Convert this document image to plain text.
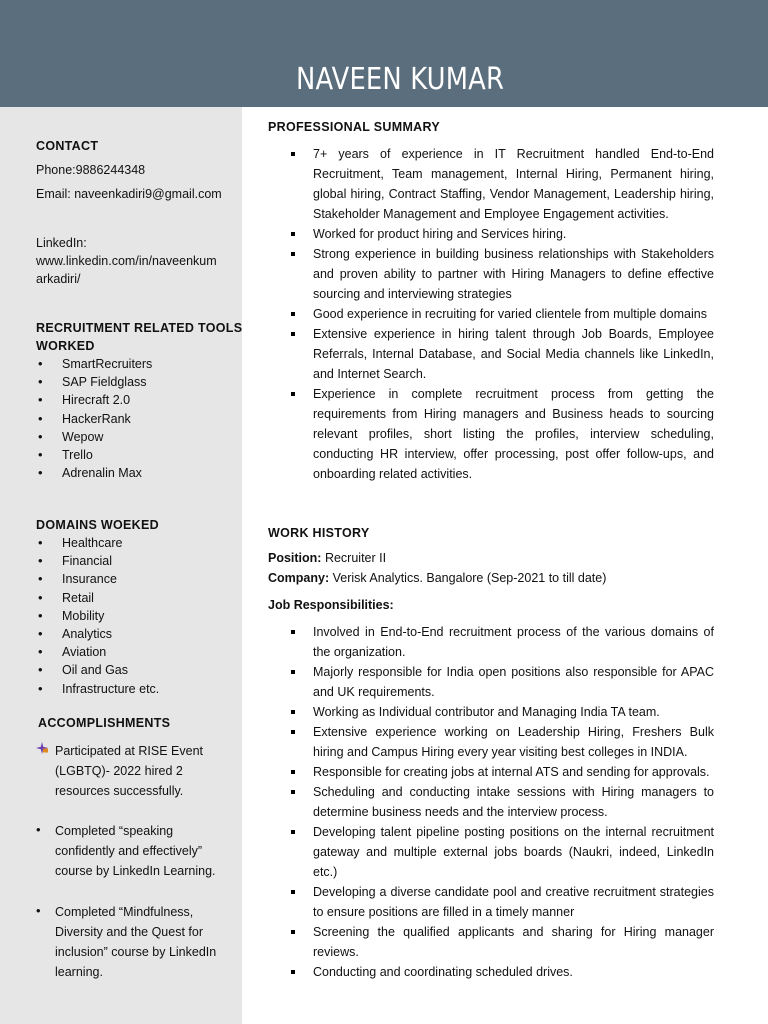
NAVEEN KUMAR
CONTACT
Phone:9886244348
Email: naveenkadiri9@gmail.com
LinkedIn:
www.linkedin.com/in/naveenkum
arkadiri/
RECRUITMENT RELATED TOOLS
WORKED
• SmartRecruiters
• SAP Fieldglass
• Hirecraft 2.0
• HackerRank
• Wepow
• Trello
• Adrenalin Max
DOMAINS WOEKED
• Healthcare
• Financial
• Insurance
• Retail
• Mobility
• Analytics
• Aviation
• Oil and Gas
• Infrastructure etc.
ACCOMPLISHMENTS
Participated at RISE Event (LGBTQ)- 2022 hired 2 resources successfully.
• Completed “speaking confidently and effectively” course by LinkedIn Learning.
• Completed “Mindfulness, Diversity and the Quest for inclusion” course by LinkedIn learning.
PROFESSIONAL SUMMARY
7+ years of experience in IT Recruitment handled End-to-End Recruitment, Team management, Internal Hiring, Permanent hiring, global hiring, Contract Staffing, Vendor Management, Leadership hiring, Stakeholder Management and Employee Engagement activities.
Worked for product hiring and Services hiring.
Strong experience in building business relationships with Stakeholders and proven ability to partner with Hiring Managers to define effective sourcing and interviewing strategies
Good experience in recruiting for varied clientele from multiple domains
Extensive experience in hiring talent through Job Boards, Employee Referrals, Internal Database, and Social Media channels like LinkedIn, and Internet Search.
Experience in complete recruitment process from getting the requirements from Hiring managers and Business heads to sourcing relevant profiles, short listing the profiles, interview scheduling, conducting HR interview, offer processing, post offer follow-ups, and onboarding related activities.
WORK HISTORY
Position: Recruiter II
Company: Verisk Analytics. Bangalore (Sep-2021 to till date)
Job Responsibilities:
Involved in End-to-End recruitment process of the various domains of the organization.
Majorly responsible for India open positions also responsible for APAC and UK requirements.
Working as Individual contributor and Managing India TA team.
Extensive experience working on Leadership Hiring, Freshers Bulk hiring and Campus Hiring every year visiting best colleges in INDIA.
Responsible for creating jobs at internal ATS and sending for approvals.
Scheduling and conducting intake sessions with Hiring managers to determine business needs and the interview process.
Developing talent pipeline posting positions on the internal recruitment gateway and multiple external jobs boards (Naukri, indeed, LinkedIn etc.)
Developing a diverse candidate pool and creative recruitment strategies to ensure positions are filled in a timely manner
Screening the qualified applicants and sharing for Hiring manager reviews.
Conducting and coordinating scheduled drives.
